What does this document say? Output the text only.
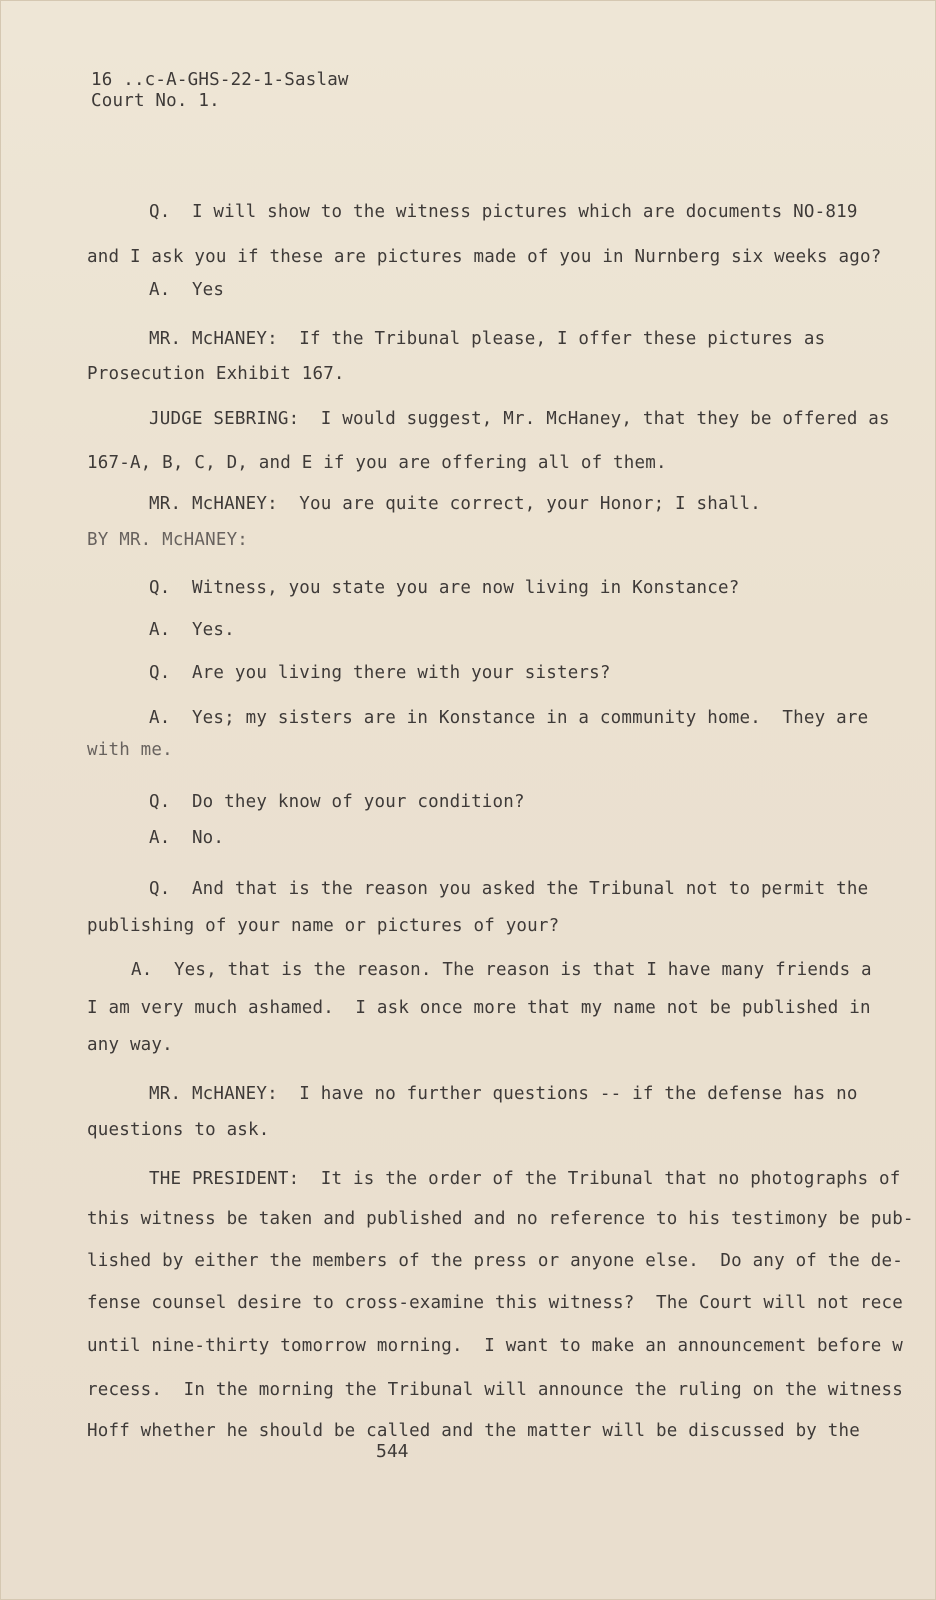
16 ..c-A-GHS-22-1-Saslaw
Court No. 1.
Q.  I will show to the witness pictures which are documents NO-819
and I ask you if these are pictures made of you in Nurnberg six weeks ago?
A.  Yes
MR. McHANEY:  If the Tribunal please, I offer these pictures as
Prosecution Exhibit 167.
JUDGE SEBRING:  I would suggest, Mr. McHaney, that they be offered as
167-A, B, C, D, and E if you are offering all of them.
MR. McHANEY:  You are quite correct, your Honor; I shall.
BY MR. McHANEY:
Q.  Witness, you state you are now living in Konstance?
A.  Yes.
Q.  Are you living there with your sisters?
A.  Yes; my sisters are in Konstance in a community home.  They are
with me.
Q.  Do they know of your condition?
A.  No.
Q.  And that is the reason you asked the Tribunal not to permit the
publishing of your name or pictures of your?
A.  Yes, that is the reason. The reason is that I have many friends a
I am very much ashamed.  I ask once more that my name not be published in
any way.
MR. McHANEY:  I have no further questions -- if the defense has no
questions to ask.
THE PRESIDENT:  It is the order of the Tribunal that no photographs of
this witness be taken and published and no reference to his testimony be pub-
lished by either the members of the press or anyone else.  Do any of the de-
fense counsel desire to cross-examine this witness?  The Court will not rece
until nine-thirty tomorrow morning.  I want to make an announcement before w
recess.  In the morning the Tribunal will announce the ruling on the witness
Hoff whether he should be called and the matter will be discussed by the
544
